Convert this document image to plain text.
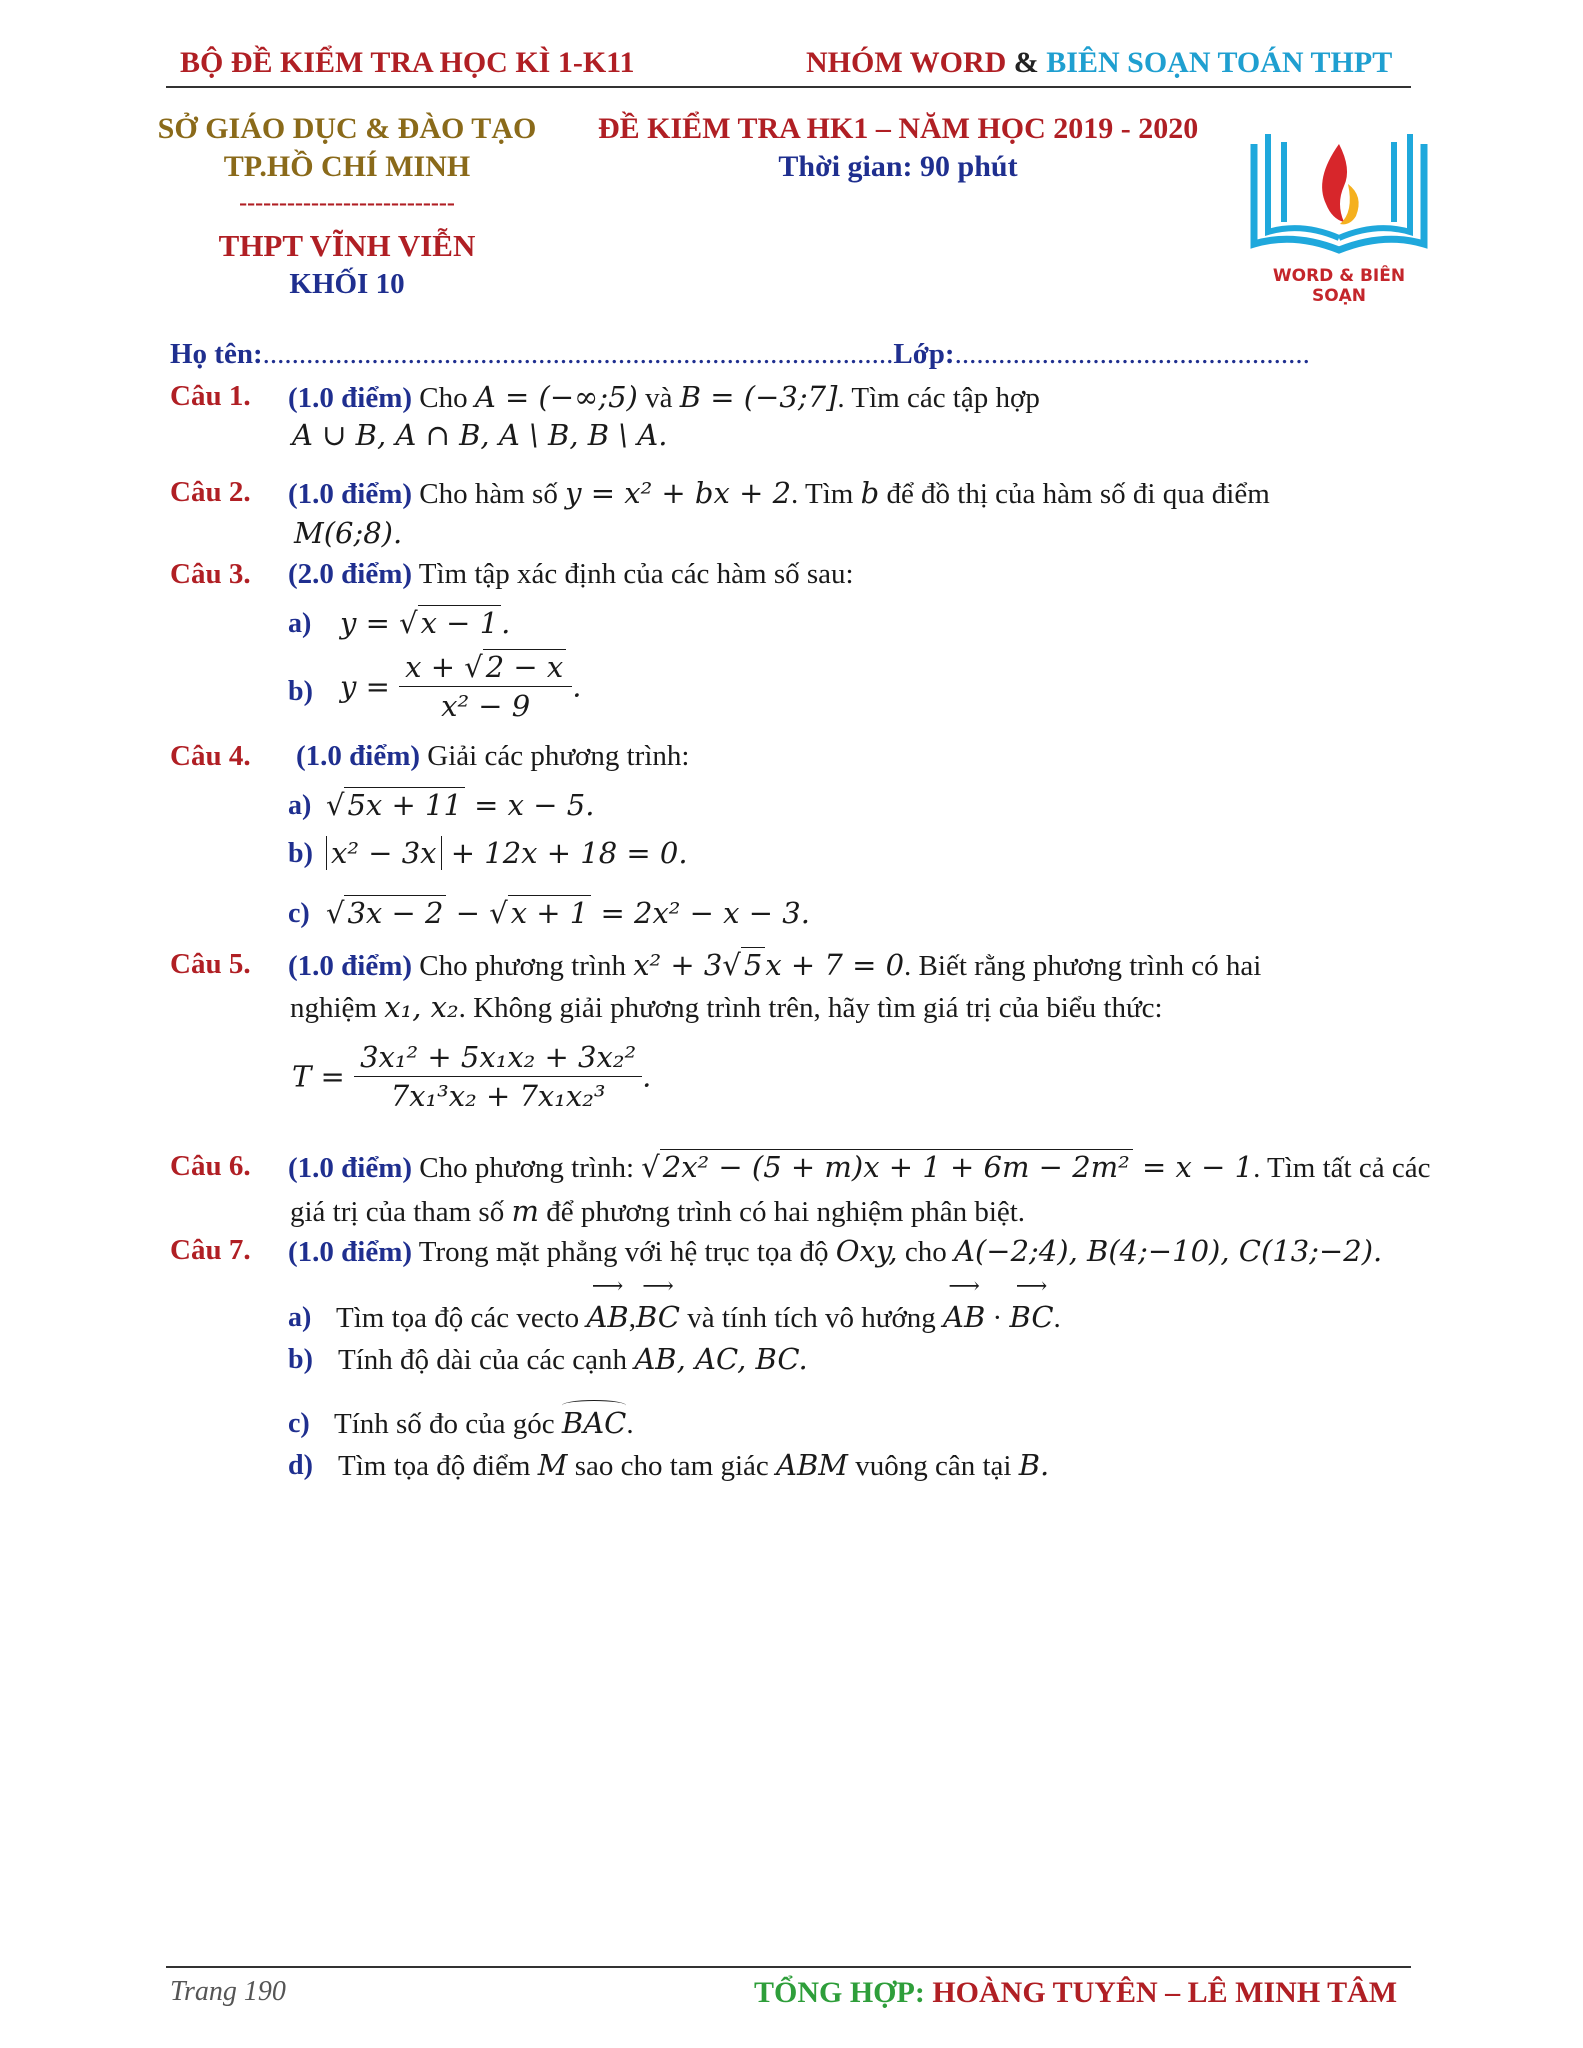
BỘ ĐỀ KIỂM TRA HỌC KÌ 1-K11	NHÓM WORD & BIÊN SOẠN TOÁN THPT
SỞ GIÁO DỤC & ĐÀO TẠO
TP.HỒ CHÍ MINH
---------------------------
THPT VĨNH VIỄN
KHỐI 10
ĐỀ KIỂM TRA HK1 – NĂM HỌC 2019 - 2020
Thời gian: 90 phút
WORD & BIÊN SOẠN
Họ tên:.......................................................................................Lớp:.................................................
Câu 1. (1.0 điểm) Cho A = (−∞;5) và B = (−3;7]. Tìm các tập hợp
A ∪ B, A ∩ B, A \ B, B \ A.
Câu 2. (1.0 điểm) Cho hàm số y = x² + bx + 2. Tìm b để đồ thị của hàm số đi qua điểm
M(6;8).
Câu 3. (2.0 điểm) Tìm tập xác định của các hàm số sau:
a) y = √ x − 1 .
b) $y = \frac{x + √ 2 - x}{\text{x² − 9}}$ .
Câu 4. (1.0 điểm) Giải các phương trình:
a) √ 5x + 11 = x − 5.
b) x² − 3x + 12x + 18 = 0.
c) √ 3x − 2 − √ x + 1 = 2x² − x − 3.
Câu 5. (1.0 điểm) Cho phương trình x² + 3√ 5 x + 7 = 0. Biết rằng phương trình có hai
nghiệm x₁, x₂. Không giải phương trình trên, hãy tìm giá trị của biểu thức:
$T = \frac{\text{3x₁² + 5x₁x₂ + 3x₂²}}{\text{7x₁³x₂ + 7x₁x₂³}}$ .
Câu 6. (1.0 điểm) Cho phương trình: √ 2x² − (5 + m)x + 1 + 6m − 2m² = x − 1. Tìm tất cả các
giá trị của tham số m để phương trình có hai nghiệm phân biệt.
Câu 7. (1.0 điểm) Trong mặt phẳng với hệ trục tọa độ Oxy, cho A(−2;4), B(4;−10), C(13;−2).
a) Tìm tọa độ các vecto ⟶ AB,⟶ BC và tính tích vô hướng ⟶ AB · ⟶ BC.
b) Tính độ dài của các cạnh AB, AC, BC.
c) Tính số đo của góc BAC.
d) Tìm tọa độ điểm M sao cho tam giác ABM vuông cân tại B.
Trang 190	TỔNG HỢP: HOÀNG TUYÊN – LÊ MINH TÂM
